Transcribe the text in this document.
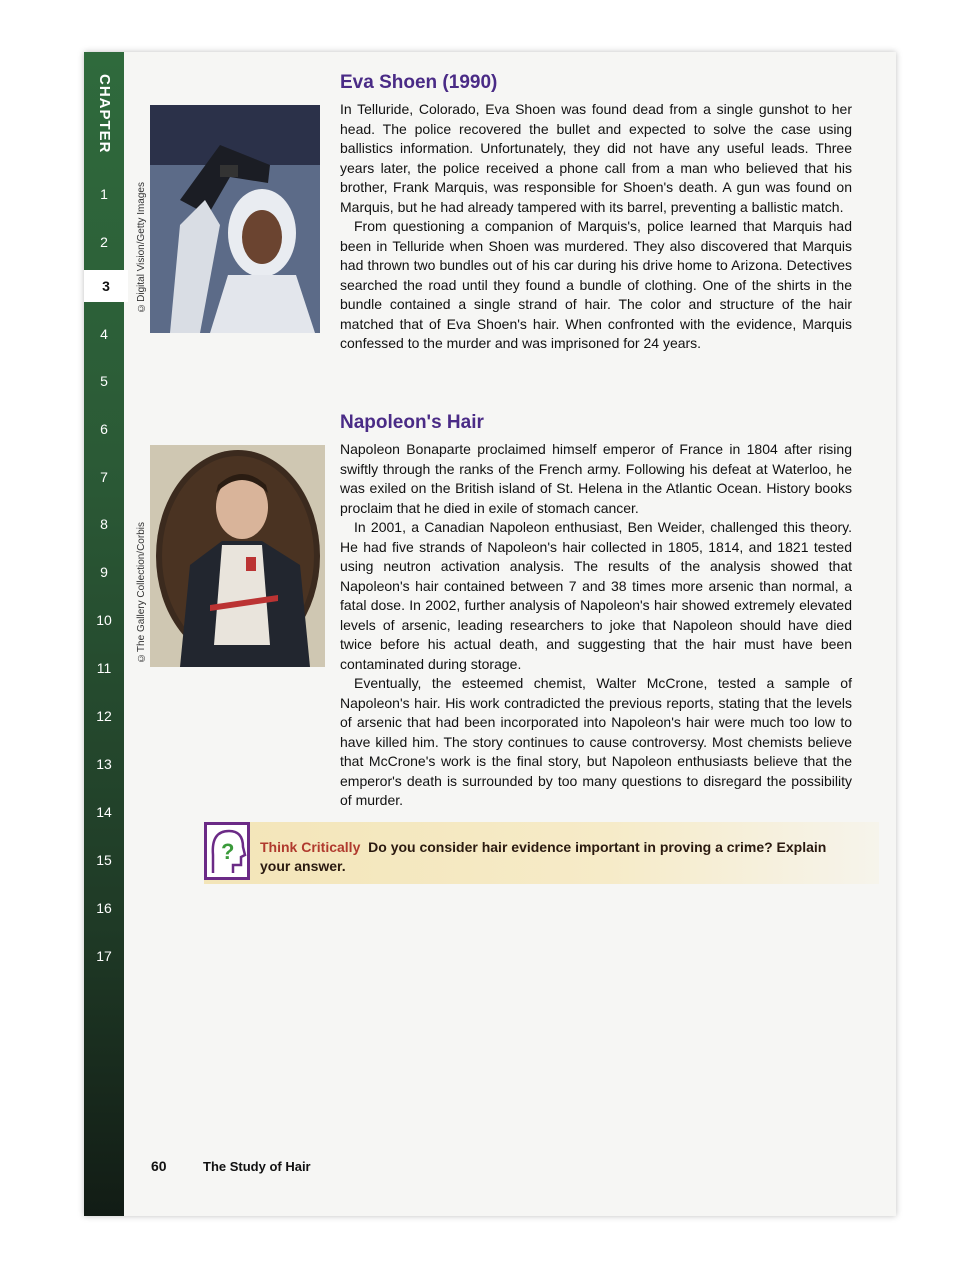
CHAPTER
1
2
3
4
5
6
7
8
9
10
11
12
13
14
15
16
17
©Digital Vision/Getty Images
©The Gallery Collection/Corbis
Eva Shoen (1990)

In Telluride, Colorado, Eva Shoen was found dead from a single gunshot to her head. The police recovered the bullet and expected to solve the case using ballistics information. Unfortunately, they did not have any useful leads. Three years later, the police received a phone call from a man who believed that his brother, Frank Marquis, was responsible for Shoen's death. A gun was found on Marquis, but he had already tampered with its barrel, preventing a ballistic match.

From questioning a companion of Marquis's, police learned that Marquis had been in Telluride when Shoen was murdered. They also discovered that Marquis had thrown two bundles out of his car during his drive home to Arizona. Detectives searched the road until they found a bundle of clothing. One of the shirts in the bundle contained a single strand of hair. The color and structure of the hair matched that of Eva Shoen's hair. When confronted with the evidence, Marquis confessed to the murder and was imprisoned for 24 years.

Napoleon's Hair

Napoleon Bonaparte proclaimed himself emperor of France in 1804 after rising swiftly through the ranks of the French army. Following his defeat at Waterloo, he was exiled on the British island of St. Helena in the Atlantic Ocean. History books proclaim that he died in exile of stomach cancer.

In 2001, a Canadian Napoleon enthusiast, Ben Weider, challenged this theory. He had five strands of Napoleon's hair collected in 1805, 1814, and 1821 tested using neutron activation analysis. The results of the analysis showed that Napoleon's hair contained between 7 and 38 times more arsenic than normal, a fatal dose. In 2002, further analysis of Napoleon's hair showed extremely elevated levels of arsenic, leading researchers to joke that Napoleon should have died twice before his actual death, and suggesting that the hair must have been contaminated during storage.

Eventually, the esteemed chemist, Walter McCrone, tested a sample of Napoleon's hair. His work contradicted the previous reports, stating that the levels of arsenic that had been incorporated into Napoleon's hair were much too low to have killed him. The story continues to cause controversy. Most chemists believe that McCrone's work is the final story, but Napoleon enthusiasts believe that the emperor's death is surrounded by too many questions to disregard the possibility of murder.

? Think Critically Do you consider hair evidence important in proving a crime? Explain your answer.
60	The Study of Hair
